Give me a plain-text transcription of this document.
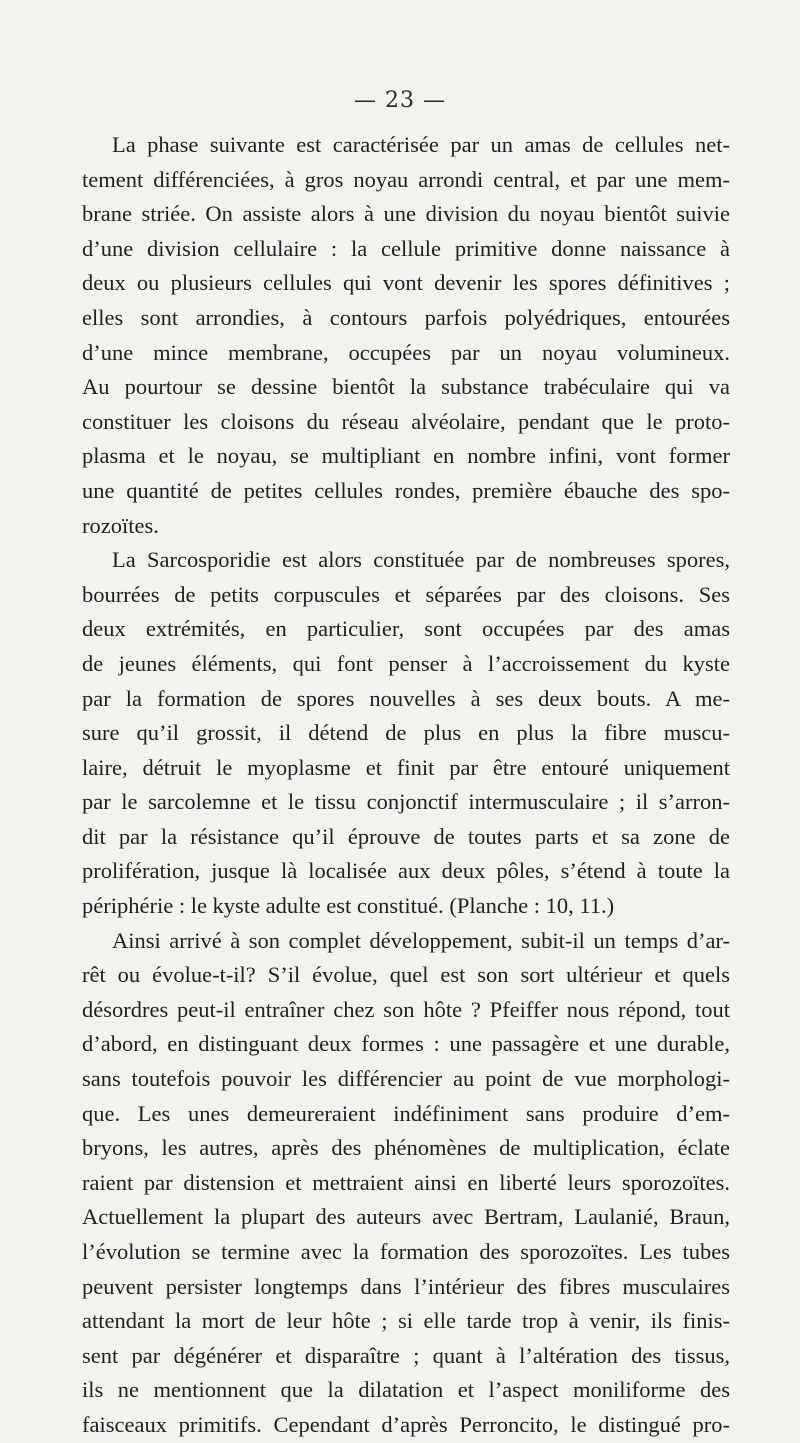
— 23 —
La phase suivante est caractérisée par un amas de cellules net-
tement différenciées, à gros noyau arrondi central, et par une mem-
brane striée. On assiste alors à une division du noyau bientôt suivie
d’une division cellulaire : la cellule primitive donne naissance à
deux ou plusieurs cellules qui vont devenir les spores définitives ;
elles sont arrondies, à contours parfois polyédriques, entourées
d’une mince membrane, occupées par un noyau volumineux.
Au pourtour se dessine bientôt la substance trabéculaire qui va
constituer les cloisons du réseau alvéolaire, pendant que le proto-
plasma et le noyau, se multipliant en nombre infini, vont former
une quantité de petites cellules rondes, première ébauche des spo-
rozoïtes.
La Sarcosporidie est alors constituée par de nombreuses spores,
bourrées de petits corpuscules et séparées par des cloisons. Ses
deux extrémités, en particulier, sont occupées par des amas
de jeunes éléments, qui font penser à l’accroissement du kyste
par la formation de spores nouvelles à ses deux bouts. A me-
sure qu’il grossit, il détend de plus en plus la fibre muscu-
laire, détruit le myoplasme et finit par être entouré uniquement
par le sarcolemne et le tissu conjonctif intermusculaire ; il s’arron-
dit par la résistance qu’il éprouve de toutes parts et sa zone de
prolifération, jusque là localisée aux deux pôles, s’étend à toute la
périphérie : le kyste adulte est constitué. (Planche : 10, 11.)
Ainsi arrivé à son complet développement, subit-il un temps d’ar-
rêt ou évolue-t-il? S’il évolue, quel est son sort ultérieur et quels
désordres peut-il entraîner chez son hôte ? Pfeiffer nous répond, tout
d’abord, en distinguant deux formes : une passagère et une durable,
sans toutefois pouvoir les différencier au point de vue morphologi-
que. Les unes demeureraient indéfiniment sans produire d’em-
bryons, les autres, après des phénomènes de multiplication, éclate
raient par distension et mettraient ainsi en liberté leurs sporozoïtes.
Actuellement la plupart des auteurs avec Bertram, Laulanié, Braun,
l’évolution se termine avec la formation des sporozoïtes. Les tubes
peuvent persister longtemps dans l’intérieur des fibres musculaires
attendant la mort de leur hôte ; si elle tarde trop à venir, ils finis-
sent par dégénérer et disparaître ; quant à l’altération des tissus,
ils ne mentionnent que la dilatation et l’aspect moniliforme des
faisceaux primitifs. Cependant d’après Perroncito, le distingué pro-
